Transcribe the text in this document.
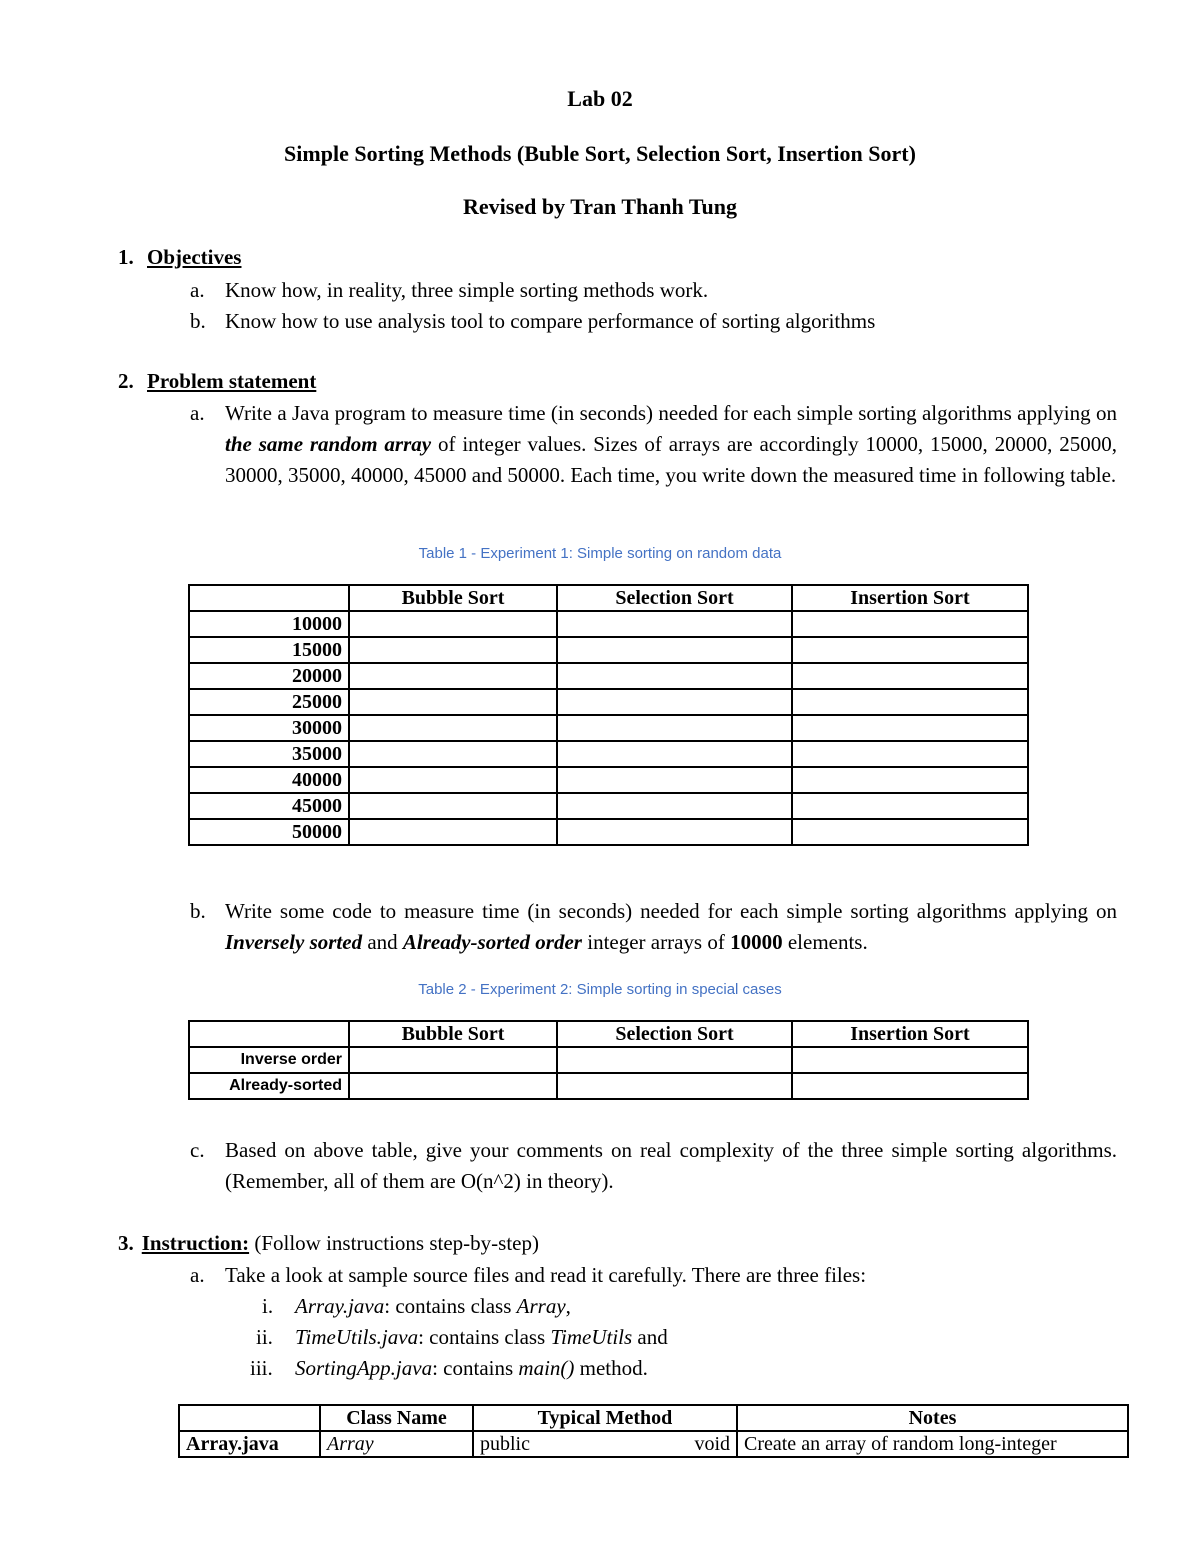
Lab 02
Simple Sorting Methods (Buble Sort, Selection Sort, Insertion Sort)
Revised by Tran Thanh Tung
1. Objectives
a. Know how, in reality, three simple sorting methods work.
b. Know how to use analysis tool to compare performance of sorting algorithms
2. Problem statement
a. Write a Java program to measure time (in seconds) needed for each simple sorting algorithms applying on the same random array of integer values. Sizes of arrays are accordingly 10000, 15000, 20000, 25000, 30000, 35000, 40000, 45000 and 50000. Each time, you write down the measured time in following table.
Table 1 - Experiment 1: Simple sorting on random data
	Bubble Sort	Selection Sort	Insertion Sort
10000			
15000			
20000			
25000			
30000			
35000			
40000			
45000			
50000			
b. Write some code to measure time (in seconds) needed for each simple sorting algorithms applying on Inversely sorted and Already-sorted order integer arrays of 10000 elements.
Table 2 - Experiment 2: Simple sorting in special cases
	Bubble Sort	Selection Sort	Insertion Sort
Inverse order			
Already-sorted			
c. Based on above table, give your comments on real complexity of the three simple sorting algorithms. (Remember, all of them are O(n^2) in theory).
3. Instruction: (Follow instructions step-by-step)
a. Take a look at sample source files and read it carefully. There are three files:
i. Array.java: contains class Array,
ii. TimeUtils.java: contains class TimeUtils and
iii. SortingApp.java: contains main() method.
	Class Name	Typical Method	Notes
Array.java	Array	public void	Create an array of random long-integer
